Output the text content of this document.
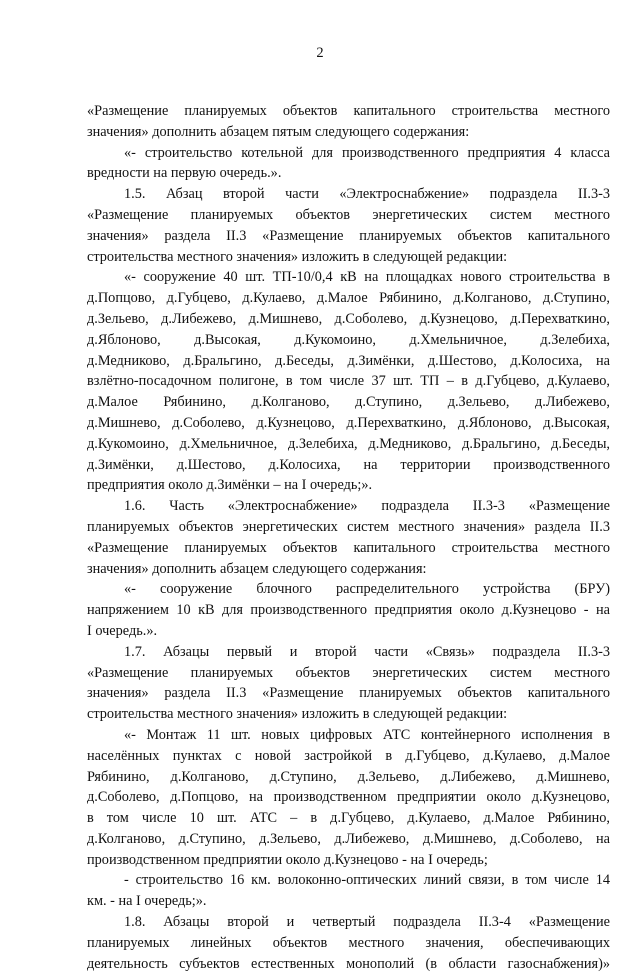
2
«Размещение планируемых объектов капитального строительства местного
значения» дополнить абзацем пятым следующего содержания:
«- строительство котельной для производственного предприятия 4 класса
вредности на первую очередь.».
1.5. Абзац второй части «Электроснабжение» подраздела II.3-3
«Размещение планируемых объектов энергетических систем местного
значения» раздела II.3 «Размещение планируемых объектов капитального
строительства местного значения» изложить в следующей редакции:
«- сооружение 40 шт. ТП-10/0,4 кВ на площадках нового строительства в
д.Попцово, д.Губцево, д.Кулаево, д.Малое Рябинино, д.Колганово, д.Ступино,
д.Зельево, д.Либежево, д.Мишнево, д.Соболево, д.Кузнецово, д.Перехваткино,
д.Яблоново, д.Высокая, д.Кукомоино, д.Хмельничное, д.Зелебиха,
д.Медниково, д.Бральгино, д.Беседы, д.Зимёнки, д.Шестово, д.Колосиха, на
взлётно-посадочном полигоне, в том числе 37 шт. ТП – в д.Губцево, д.Кулаево,
д.Малое Рябинино, д.Колганово, д.Ступино, д.Зельево, д.Либежево,
д.Мишнево, д.Соболево, д.Кузнецово, д.Перехваткино, д.Яблоново, д.Высокая,
д.Кукомоино, д.Хмельничное, д.Зелебиха, д.Медниково, д.Бральгино, д.Беседы,
д.Зимёнки, д.Шестово, д.Колосиха, на территории производственного
предприятия около д.Зимёнки – на I очередь;».
1.6. Часть «Электроснабжение» подраздела II.3-3 «Размещение
планируемых объектов энергетических систем местного значения» раздела II.3
«Размещение планируемых объектов капитального строительства местного
значения» дополнить абзацем следующего содержания:
«- сооружение блочного распределительного устройства (БРУ)
напряжением 10 кВ для производственного предприятия около д.Кузнецово - на
I очередь.».
1.7. Абзацы первый и второй части «Связь» подраздела II.3-3
«Размещение планируемых объектов энергетических систем местного
значения» раздела II.3 «Размещение планируемых объектов капитального
строительства местного значения» изложить в следующей редакции:
«- Монтаж 11 шт. новых цифровых АТС контейнерного исполнения в
населённых пунктах с новой застройкой в д.Губцево, д.Кулаево, д.Малое
Рябинино, д.Колганово, д.Ступино, д.Зельево, д.Либежево, д.Мишнево,
д.Соболево, д.Попцово, на производственном предприятии около д.Кузнецово,
в том числе 10 шт. АТС – в д.Губцево, д.Кулаево, д.Малое Рябинино,
д.Колганово, д.Ступино, д.Зельево, д.Либежево, д.Мишнево, д.Соболево, на
производственном предприятии около д.Кузнецово - на I очередь;
- строительство 16 км. волоконно-оптических линий связи, в том числе 14
км. - на I очередь;».
1.8. Абзацы второй и четвертый подраздела II.3-4 «Размещение
планируемых линейных объектов местного значения, обеспечивающих
деятельность субъектов естественных монополий (в области газоснабжения)»
